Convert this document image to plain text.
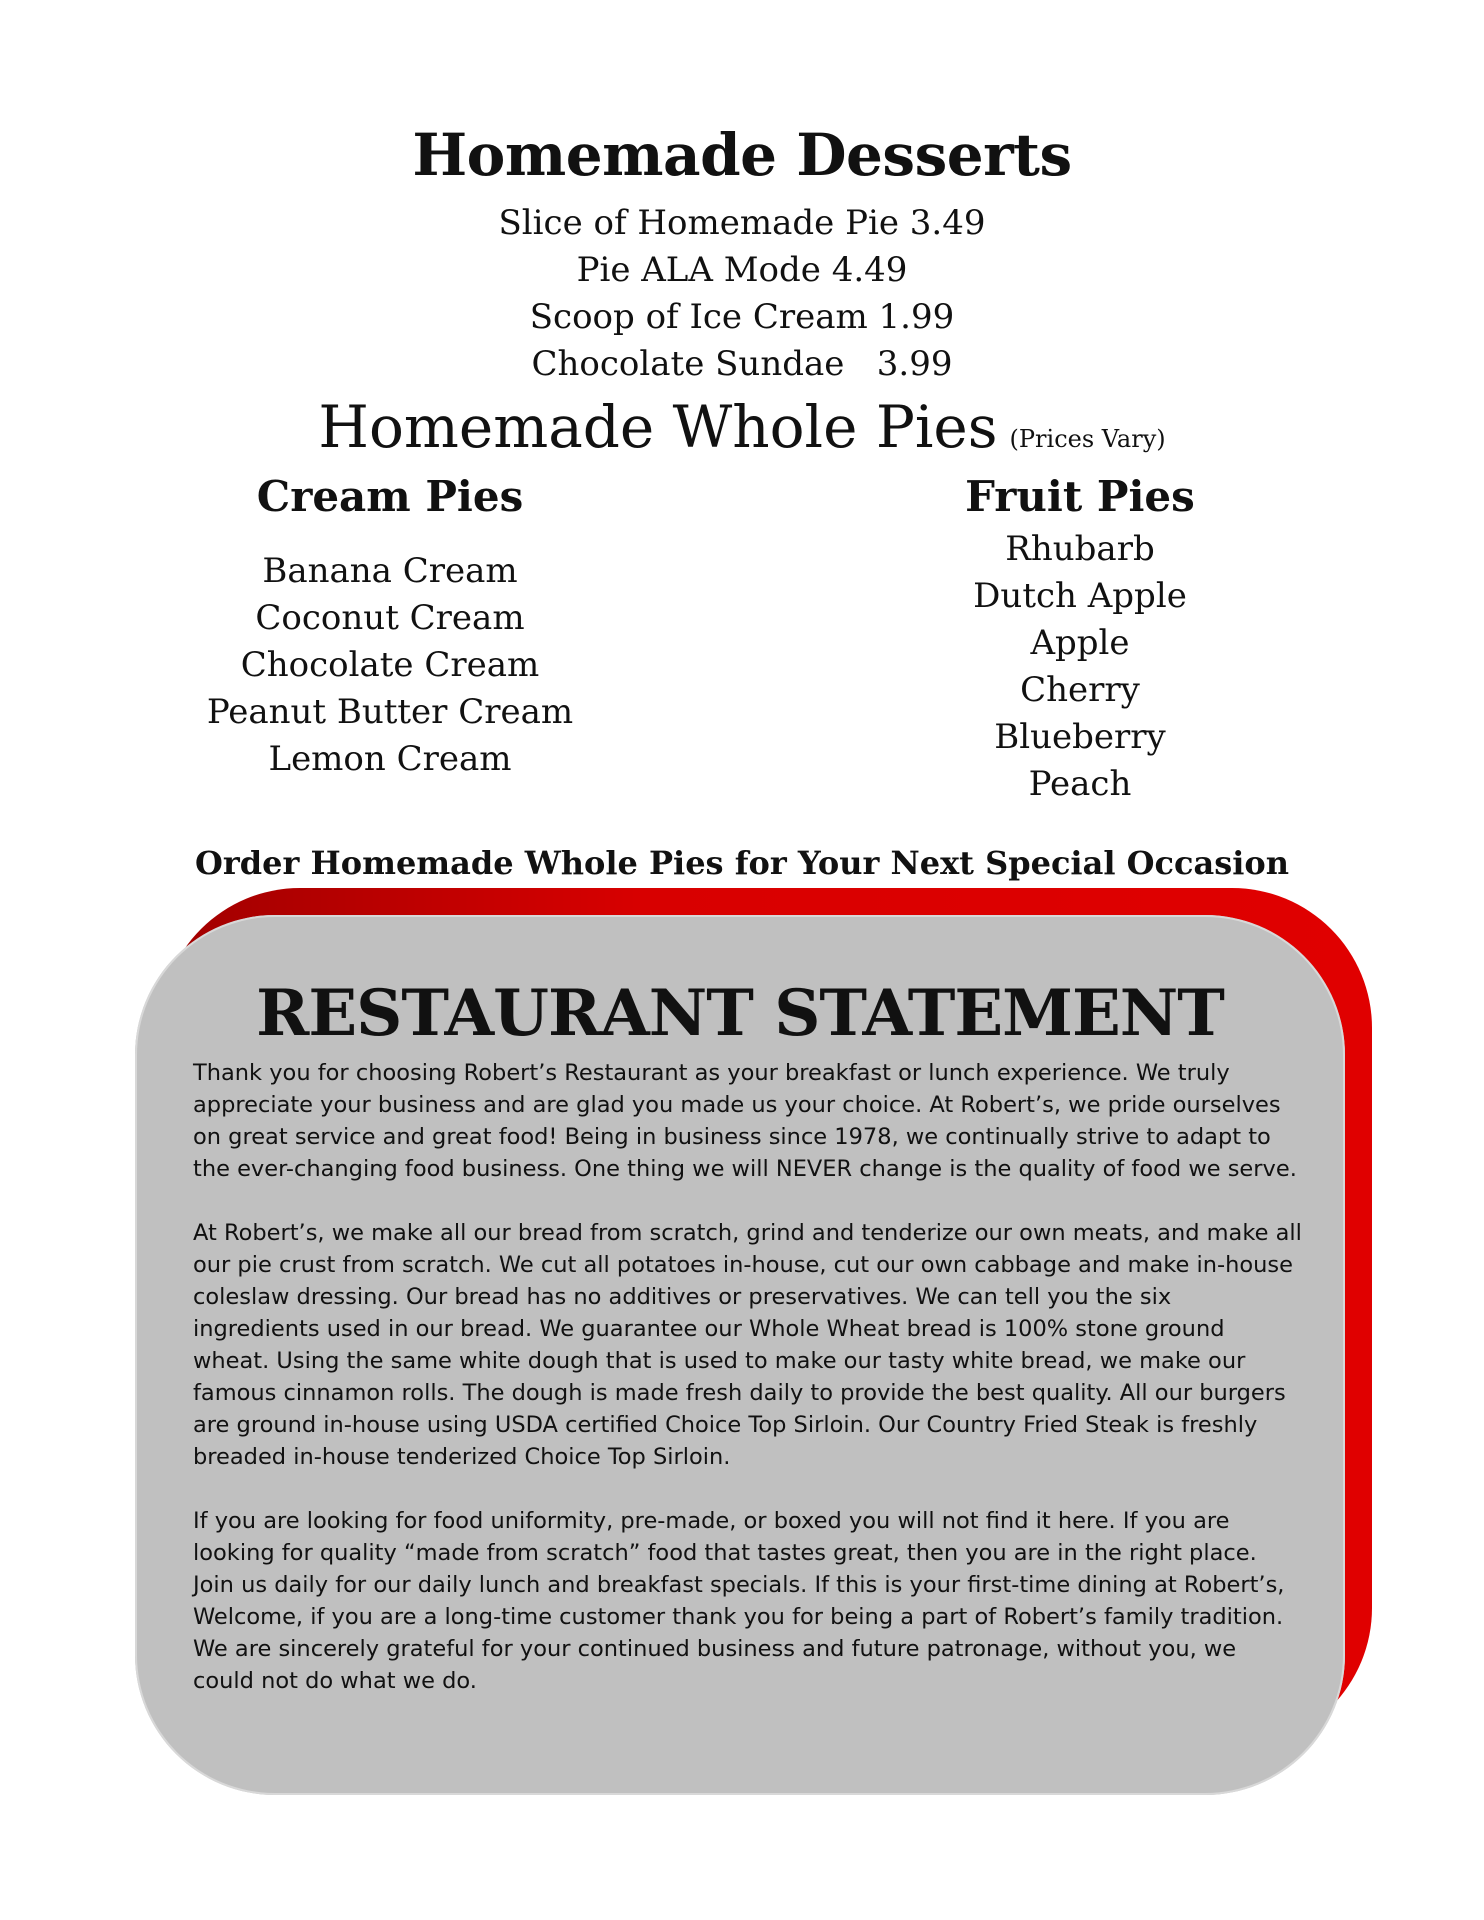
Homemade Desserts
Slice of Homemade Pie 3.49
Pie ALA Mode 4.49
Scoop of Ice Cream 1.99
Chocolate Sundae   3.99
Homemade Whole Pies (Prices Vary)
Cream Pies
Banana Cream
Coconut Cream
Chocolate Cream
Peanut Butter Cream
Lemon Cream
Fruit Pies
Rhubarb
Dutch Apple
Apple
Cherry
Blueberry
Peach
Order Homemade Whole Pies for Your Next Special Occasion
RESTAURANT STATEMENT

Thank you for choosing Robert’s Restaurant as your breakfast or lunch experience. We truly appreciate your business and are glad you made us your choice. At Robert’s, we pride ourselves on great service and great food! Being in business since 1978, we continually strive to adapt to the ever-changing food business. One thing we will NEVER change is the quality of food we serve.

At Robert’s, we make all our bread from scratch, grind and tenderize our own meats, and make all our pie crust from scratch. We cut all potatoes in-house, cut our own cabbage and make in-house coleslaw dressing. Our bread has no additives or preservatives. We can tell you the six ingredients used in our bread. We guarantee our Whole Wheat bread is 100% stone ground wheat. Using the same white dough that is used to make our tasty white bread, we make our famous cinnamon rolls. The dough is made fresh daily to provide the best quality. All our burgers are ground in-house using USDA certified Choice Top Sirloin. Our Country Fried Steak is freshly breaded in-house tenderized Choice Top Sirloin.

If you are looking for food uniformity, pre-made, or boxed you will not find it here. If you are looking for quality “made from scratch” food that tastes great, then you are in the right place. Join us daily for our daily lunch and breakfast specials. If this is your first-time dining at Robert’s, Welcome, if you are a long-time customer thank you for being a part of Robert’s family tradition. We are sincerely grateful for your continued business and future patronage, without you, we could not do what we do.
